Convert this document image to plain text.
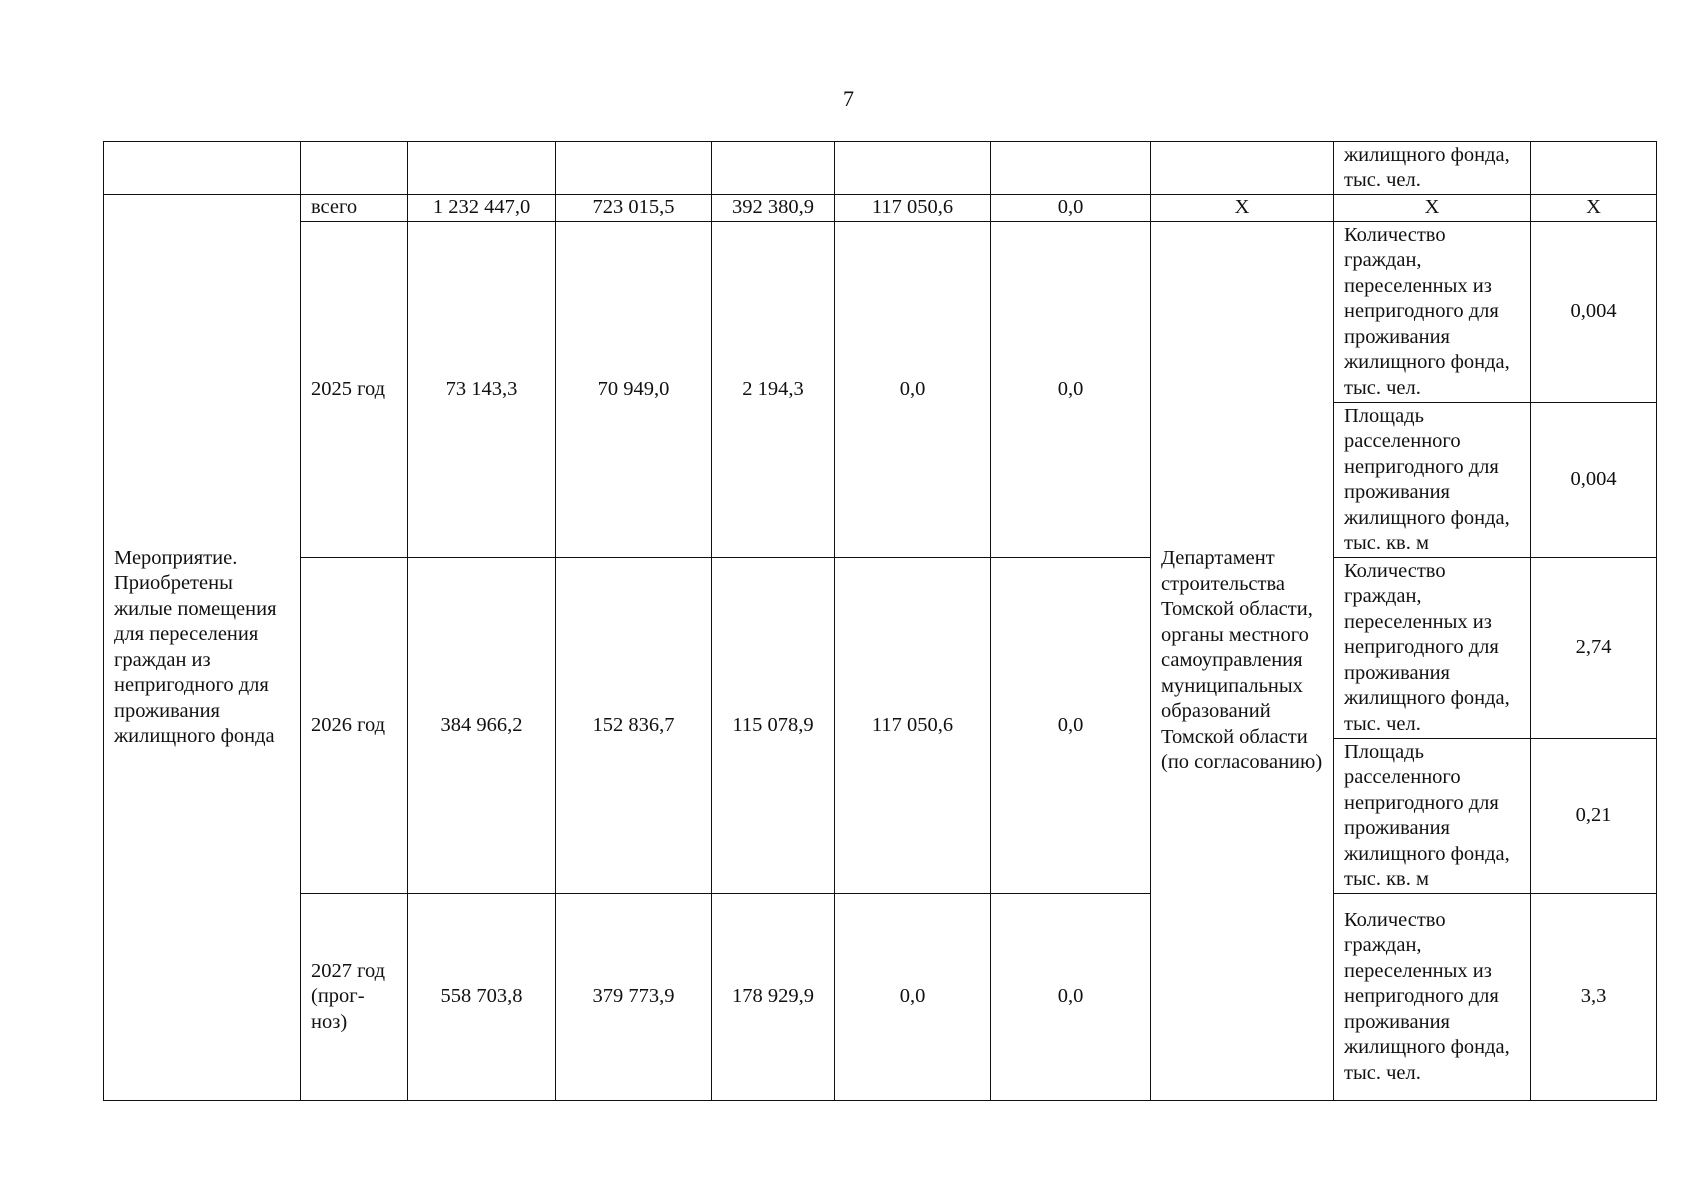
7
								жилищного фонда, тыс. чел.	
Мероприятие. Приобретены жилые помещения для переселения граждан из непригодного для проживания жилищного фонда	всего	1 232 447,0	723 015,5	392 380,9	117 050,6	0,0	Х	Х	Х
	2025 год	73 143,3	70 949,0	2 194,3	0,0	0,0	Департамент строительства Томской области, органы местного самоуправления муниципальных образований Томской области (по согласованию)	Количество граждан, переселенных из непригодного для проживания жилищного фонда, тыс. чел.	0,004
								Площадь расселенного непригодного для проживания жилищного фонда, тыс. кв. м	0,004
	2026 год	384 966,2	152 836,7	115 078,9	117 050,6	0,0		Количество граждан, переселенных из непригодного для проживания жилищного фонда, тыс. чел.	2,74
								Площадь расселенного непригодного для проживания жилищного фонда, тыс. кв. м	0,21
	2027 год (прог-ноз)	558 703,8	379 773,9	178 929,9	0,0	0,0		Количество граждан, переселенных из непригодного для проживания жилищного фонда, тыс. чел.	3,3
